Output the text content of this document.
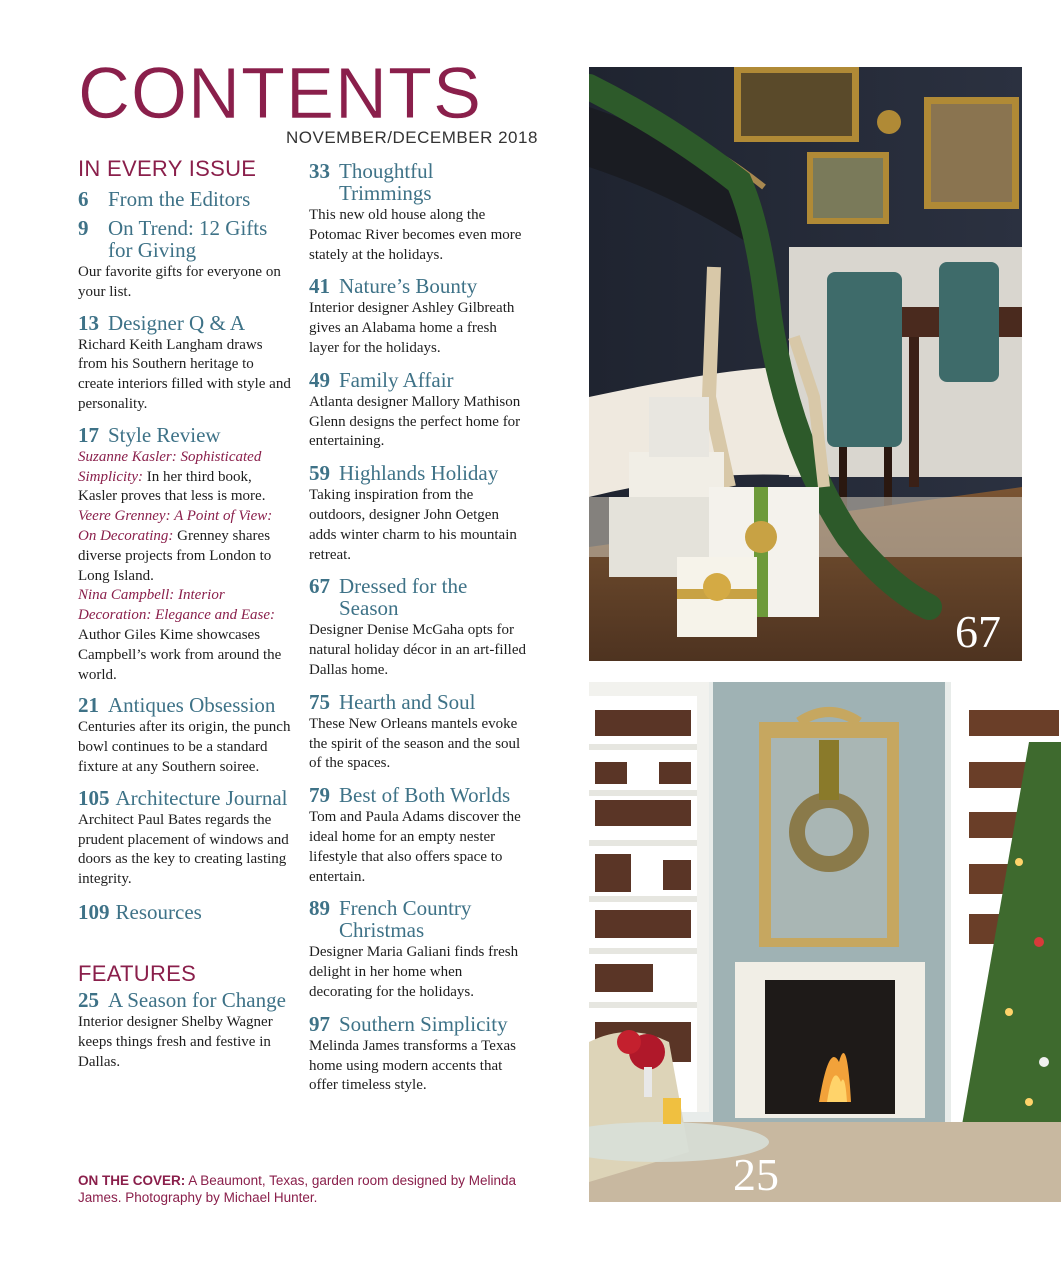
CONTENTS
NOVEMBER/DECEMBER 2018
IN EVERY ISSUE
6 From the Editors
9 On Trend: 12 Gifts for Giving
Our favorite gifts for everyone on your list.
13 Designer Q & A
Richard Keith Langham draws from his Southern heritage to create interiors filled with style and personality.
17 Style Review
Suzanne Kasler: Sophisticated Simplicity: In her third book, Kasler proves that less is more.
Veere Grenney: A Point of View: On Decorating: Grenney shares diverse projects from London to Long Island.
Nina Campbell: Interior Decoration: Elegance and Ease: Author Giles Kime showcases Campbell’s work from around the world.
21 Antiques Obsession
Centuries after its origin, the punch bowl continues to be a standard fixture at any Southern soiree.
105 Architecture Journal
Architect Paul Bates regards the prudent placement of windows and doors as the key to creating lasting integrity.
109 Resources
FEATURES
25 A Season for Change
Interior designer Shelby Wagner keeps things fresh and festive in Dallas.
33 Thoughtful Trimmings
This new old house along the Potomac River becomes even more stately at the holidays.
41 Nature’s Bounty
Interior designer Ashley Gilbreath gives an Alabama home a fresh layer for the holidays.
49 Family Affair
Atlanta designer Mallory Mathison Glenn designs the perfect home for entertaining.
59 Highlands Holiday
Taking inspiration from the outdoors, designer John Oetgen adds winter charm to his mountain retreat.
67 Dressed for the Season
Designer Denise McGaha opts for natural holiday décor in an art-filled Dallas home.
75 Hearth and Soul
These New Orleans mantels evoke the spirit of the season and the soul of the spaces.
79 Best of Both Worlds
Tom and Paula Adams discover the ideal home for an empty nester lifestyle that also offers space to entertain.
89 French Country Christmas
Designer Maria Galiani finds fresh delight in her home when decorating for the holidays.
97 Southern Simplicity
Melinda James transforms a Texas home using modern accents that offer timeless style.
ON THE COVER: A Beaumont, Texas, garden room designed by Melinda James. Photography by Michael Hunter.
67
25
